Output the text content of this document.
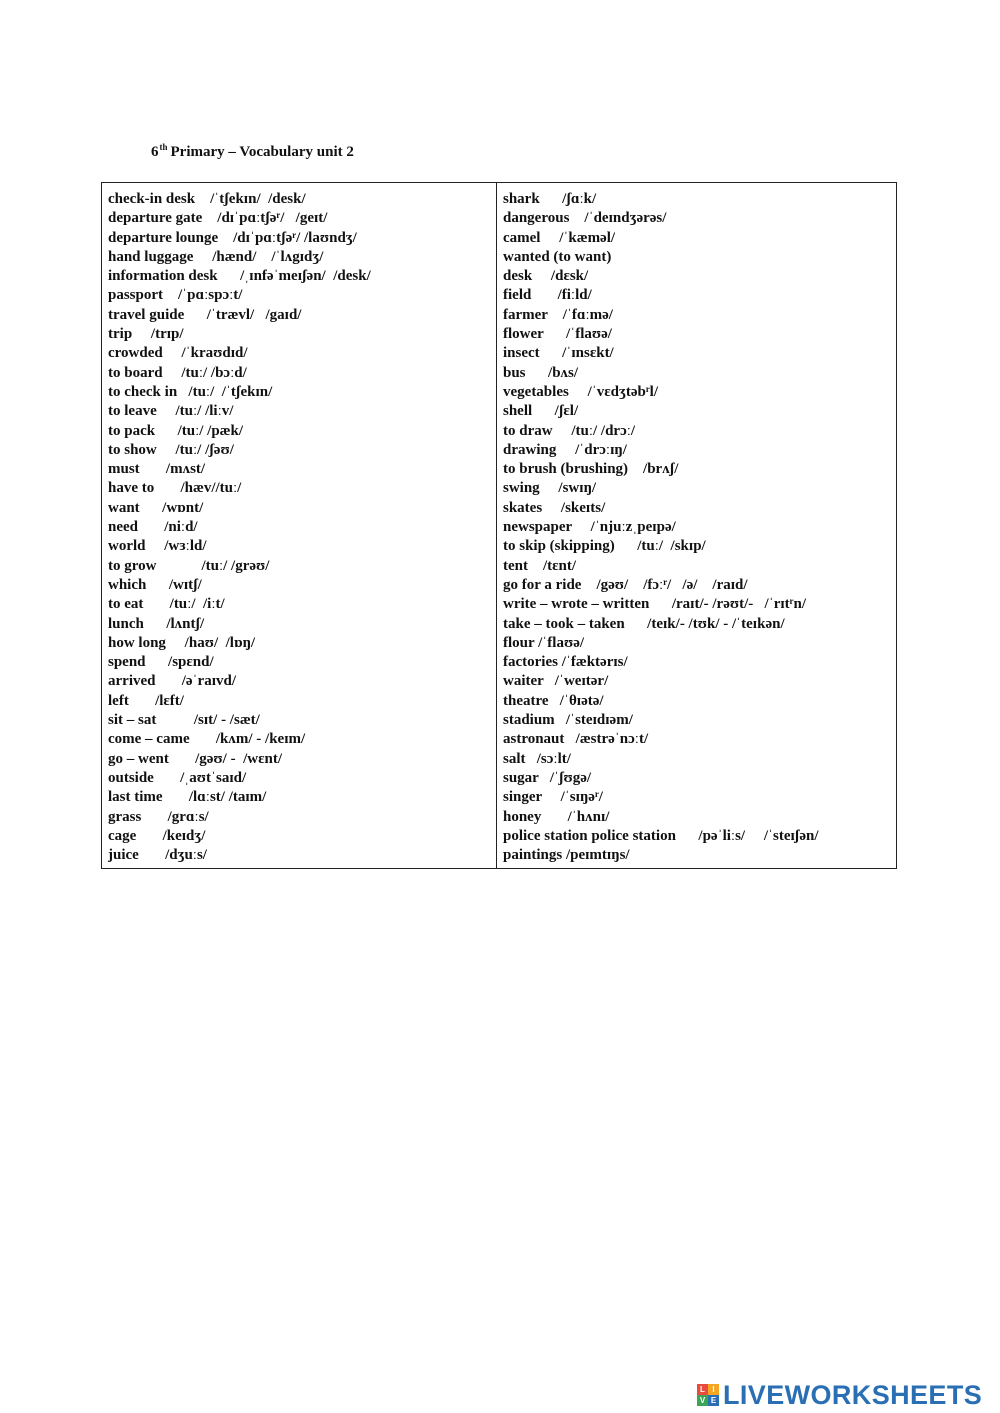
6th Primary – Vocabulary unit 2
check-in desk    /ˈtʃekɪn/  /desk/
departure gate    /dɪˈpɑːtʃəʳ/   /geɪt/
departure lounge    /dɪˈpɑːtʃəʳ/ /laʊndʒ/
hand luggage     /hænd/    /ˈlʌgɪdʒ/
information desk      /ˌɪnfəˈmeɪʃən/  /desk/
passport    /ˈpɑːspɔːt/
travel guide      /ˈtrævl/   /gaɪd/
trip     /trɪp/
crowded     /ˈkraʊdɪd/
to board     /tuː/ /bɔːd/
to check in   /tuː/  /ˈtʃekɪn/
to leave     /tuː/ /liːv/
to pack      /tuː/ /pæk/
to show     /tuː/ /ʃəʊ/
must       /mʌst/
have to       /hæv//tuː/
want      /wɒnt/
need       /niːd/
world     /wɜːld/
to grow            /tuː/ /grəʊ/
which      /wɪtʃ/
to eat       /tuː/  /iːt/
lunch      /lʌntʃ/
how long     /haʊ/  /lɒŋ/
spend      /spɛnd/
arrived       /əˈraɪvd/
left       /lɛft/
sit – sat          /sɪt/ - /sæt/
come – came       /kʌm/ - /keɪm/
go – went       /gəʊ/ -  /wɛnt/
outside       /ˌaʊtˈsaɪd/
last time       /lɑːst/ /taɪm/
grass       /grɑːs/
cage       /keɪdʒ/
juice       /dʒuːs/
shark      /ʃɑːk/
dangerous    /ˈdeɪndʒərəs/
camel     /ˈkæməl/
wanted (to want)
desk     /dɛsk/
field       /fiːld/
farmer    /ˈfɑːmə/
flower      /ˈflaʊə/
insect      /ˈɪnsɛkt/
bus      /bʌs/
vegetables     /ˈvɛdʒtəbʳl/
shell      /ʃɛl/
to draw     /tuː/ /drɔː/
drawing     /ˈdrɔːɪŋ/
to brush (brushing)    /brʌʃ/
swing     /swɪŋ/
skates     /skeɪts/
newspaper     /ˈnjuːzˌpeɪpə/
to skip (skipping)      /tuː/  /skɪp/
tent    /tɛnt/
go for a ride    /gəʊ/    /fɔːʳ/   /ə/    /raɪd/
write – wrote – written      /raɪt/- /rəʊt/-   /ˈrɪtʳn/
take – took – taken      /teɪk/- /tʊk/ - /ˈteɪkən/
flour /ˈflaʊə/
factories /ˈfæktərɪs/
waiter   /ˈweɪtər/
theatre   /ˈθɪətə/
stadium   /ˈsteɪdɪəm/
astronaut   /æstrəˈnɔːt/
salt   /sɔːlt/
sugar   /ˈʃʊgə/
singer     /ˈsɪŋəʳ/
honey       /ˈhʌnɪ/
police station police station      /pəˈliːs/     /ˈsteɪʃən/
paintings /peɪmtɪŋs/
L I
V E LIVEWORKSHEETS
